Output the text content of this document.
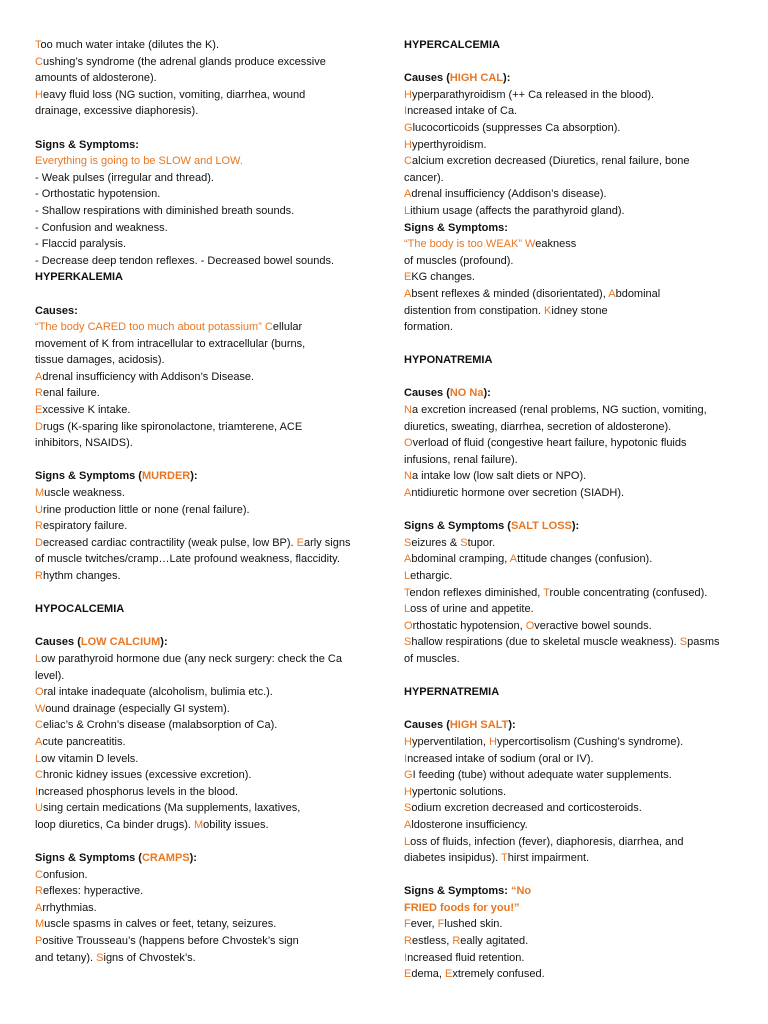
Too much water intake (dilutes the K).
Cushing’s syndrome (the adrenal glands produce excessive
amounts of aldosterone).
Heavy fluid loss (NG suction, vomiting, diarrhea, wound
drainage, excessive diaphoresis).
Signs & Symptoms:
Everything is going to be SLOW and LOW.
- Weak pulses (irregular and thread).
- Orthostatic hypotension.
- Shallow respirations with diminished breath sounds.
- Confusion and weakness.
- Flaccid paralysis.
- Decrease deep tendon reflexes. - Decreased bowel sounds.
HYPERKALEMIA
Causes:
“The body CARED too much about potassium” Cellular
movement of K from intracellular to extracellular (burns,
tissue damages, acidosis).
Adrenal insufficiency with Addison’s Disease.
Renal failure.
Excessive K intake.
Drugs (K-sparing like spironolactone, triamterene, ACE
inhibitors, NSAIDS).
Signs & Symptoms (MURDER):
Muscle weakness.
Urine production little or none (renal failure).
Respiratory failure.
Decreased cardiac contractility (weak pulse, low BP). Early signs
of muscle twitches/cramp…Late profound weakness, flaccidity.
Rhythm changes.
HYPOCALCEMIA
Causes (LOW CALCIUM):
Low parathyroid hormone due (any neck surgery: check the Ca
level).
Oral intake inadequate (alcoholism, bulimia etc.).
Wound drainage (especially GI system).
Celiac’s & Crohn’s disease (malabsorption of Ca).
Acute pancreatitis.
Low vitamin D levels.
Chronic kidney issues (excessive excretion).
Increased phosphorus levels in the blood.
Using certain medications (Ma supplements, laxatives,
loop diuretics, Ca binder drugs). Mobility issues.
Signs & Symptoms (CRAMPS):
Confusion.
Reflexes: hyperactive.
Arrhythmias.
Muscle spasms in calves or feet, tetany, seizures.
Positive Trousseau’s (happens before Chvostek’s sign
and tetany). Signs of Chvostek’s.
HYPERCALCEMIA
Causes (HIGH CAL):
Hyperparathyroidism (++ Ca released in the blood).
Increased intake of Ca.
Glucocorticoids (suppresses Ca absorption).
Hyperthyroidism.
Calcium excretion decreased (Diuretics, renal failure, bone
cancer).
Adrenal insufficiency (Addison’s disease).
Lithium usage (affects the parathyroid gland).
Signs & Symptoms:
“The body is too WEAK” Weakness
of muscles (profound).
EKG changes.
Absent reflexes & minded (disorientated), Abdominal
distention from constipation. Kidney stone
formation.
HYPONATREMIA
Causes (NO Na):
Na excretion increased (renal problems, NG suction, vomiting,
diuretics, sweating, diarrhea, secretion of aldosterone).
Overload of fluid (congestive heart failure, hypotonic fluids
infusions, renal failure).
Na intake low (low salt diets or NPO).
Antidiuretic hormone over secretion (SIADH).
Signs & Symptoms (SALT LOSS):
Seizures & Stupor.
Abdominal cramping, Attitude changes (confusion).
Lethargic.
Tendon reflexes diminished, Trouble concentrating (confused).
Loss of urine and appetite.
Orthostatic hypotension, Overactive bowel sounds.
Shallow respirations (due to skeletal muscle weakness). Spasms
of muscles.
HYPERNATREMIA
Causes (HIGH SALT):
Hyperventilation, Hypercortisolism (Cushing’s syndrome).
Increased intake of sodium (oral or IV).
GI feeding (tube) without adequate water supplements.
Hypertonic solutions.
Sodium excretion decreased and corticosteroids.
Aldosterone insufficiency.
Loss of fluids, infection (fever), diaphoresis, diarrhea, and
diabetes insipidus). Thirst impairment.
Signs & Symptoms: “No
FRIED foods for you!”
Fever, Flushed skin.
Restless, Really agitated.
Increased fluid retention.
Edema, Extremely confused.
